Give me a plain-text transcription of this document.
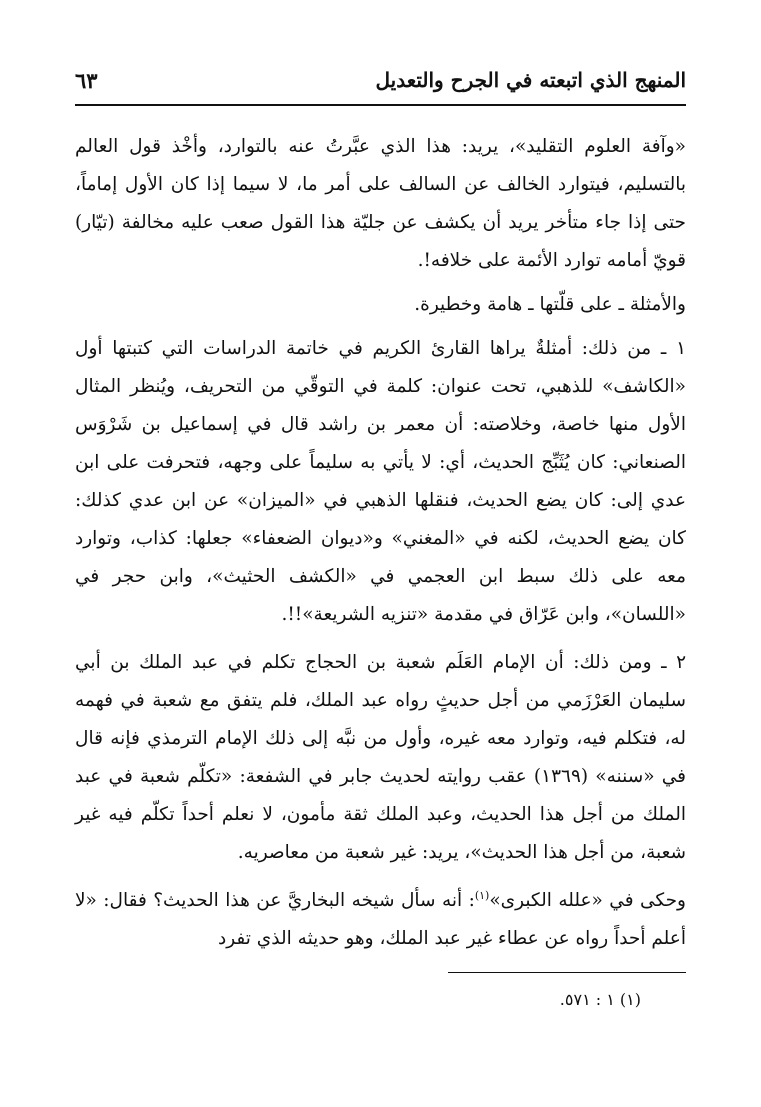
المنهج الذي اتبعته في الجرح والتعديل
٦٣

«وآفة العلوم التقليد»، يريد: هذا الذي عبَّرتُ عنه بالتوارد، وأخْذ قول العالم بالتسليم، فيتوارد الخالف عن السالف على أمر ما، لا سيما إذا كان الأول إماماً، حتى إذا جاء متأخر يريد أن يكشف عن جليّة هذا القول صعب عليه مخالفة (تيّار) قويّ أمامه توارد الأئمة على خلافه!.

والأمثلة ـ على قلّتها ـ هامة وخطيرة.

١ ـ من ذلك: أمثلةٌ يراها القارئ الكريم في خاتمة الدراسات التي كتبتها أول «الكاشف» للذهبي، تحت عنوان: كلمة في التوقّي من التحريف، ويُنظر المثال الأول منها خاصة، وخلاصته: أن معمر بن راشد قال في إسماعيل بن شَرْوَس الصنعاني: كان يُثَبِّج الحديث، أي: لا يأتي به سليماً على وجهه، فتحرفت على ابن عدي إلى: كان يضع الحديث، فنقلها الذهبي في «الميزان» عن ابن عدي كذلك: كان يضع الحديث، لكنه في «المغني» و«ديوان الضعفاء» جعلها: كذاب، وتوارد معه على ذلك سبط ابن العجمي في «الكشف الحثيث»، وابن حجر في «اللسان»، وابن عَرّاق في مقدمة «تنزيه الشريعة»!!.

٢ ـ ومن ذلك: أن الإمام العَلَم شعبة بن الحجاج تكلم في عبد الملك بن أبي سليمان العَرْزَمي من أجل حديثٍ رواه عبد الملك، فلم يتفق مع شعبة في فهمه له، فتكلم فيه، وتوارد معه غيره، وأول من نبَّه إلى ذلك الإمام الترمذي فإنه قال في «سننه» (١٣٦٩) عقب روايته لحديث جابر في الشفعة: «تكلّم شعبة في عبد الملك من أجل هذا الحديث، وعبد الملك ثقة مأمون، لا نعلم أحداً تكلّم فيه غير شعبة، من أجل هذا الحديث»، يريد: غير شعبة من معاصريه.

وحكى في «علله الكبرى»$^{(١)}$: أنه سأل شيخه البخاريَّ عن هذا الحديث؟ فقال: «لا أعلم أحداً رواه عن عطاء غير عبد الملك، وهو حديثه الذي تفرد

(١) ١ : ٥٧١.
